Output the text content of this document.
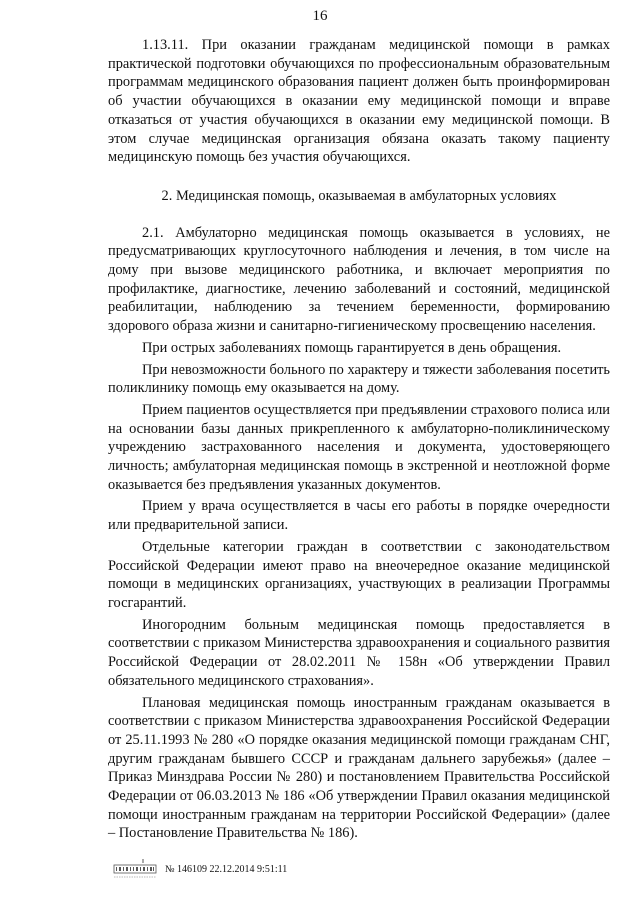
16

1.13.11. При оказании гражданам медицинской помощи в рамках практической подготовки обучающихся по профессиональным образовательным программам медицинского образования пациент должен быть проинформирован об участии обучающихся в оказании ему медицинской помощи и вправе отказаться от участия обучающихся в оказании ему медицинской помощи. В этом случае медицинская организация обязана оказать такому пациенту медицинскую помощь без участия обучающихся.

2. Медицинская помощь, оказываемая в амбулаторных условиях

2.1. Амбулаторно медицинская помощь оказывается в условиях, не предусматривающих круглосуточного наблюдения и лечения, в том числе на дому при вызове медицинского работника, и включает мероприятия по профилактике, диагностике, лечению заболеваний и состояний, медицинской реабилитации, наблюдению за течением беременности, формированию здорового образа жизни и санитарно-гигиеническому просвещению населения.

При острых заболеваниях помощь гарантируется в день обращения.

При невозможности больного по характеру и тяжести заболевания посетить поликлинику помощь ему оказывается на дому.

Прием пациентов осуществляется при предъявлении страхового полиса или на основании базы данных прикрепленного к амбулаторно-поликлиническому учреждению застрахованного населения и документа, удостоверяющего личность; амбулаторная медицинская помощь в экстренной и неотложной форме оказывается без предъявления указанных документов.

Прием у врача осуществляется в часы его работы в порядке очередности или предварительной записи.

Отдельные категории граждан в соответствии с законодательством Российской Федерации имеют право на внеочередное оказание медицинской помощи в медицинских организациях, участвующих в реализации Программы госгарантий.

Иногородним больным медицинская помощь предоставляется в соответствии с приказом Министерства здравоохранения и социального развития Российской Федерации от 28.02.2011 № 158н «Об утверждении Правил обязательного медицинского страхования».

Плановая медицинская помощь иностранным гражданам оказывается в соответствии с приказом Министерства здравоохранения Российской Федерации от 25.11.1993 № 280 «О порядке оказания медицинской помощи гражданам СНГ, другим гражданам бывшего СССР и гражданам дальнего зарубежья» (далее – Приказ Минздрава России № 280) и постановлением Правительства Российской Федерации от 06.03.2013 № 186 «Об утверждении Правил оказания медицинской помощи иностранным гражданам на территории Российской Федерации» (далее – Постановление Правительства № 186).

№ 146109 22.12.2014 9:51:11
